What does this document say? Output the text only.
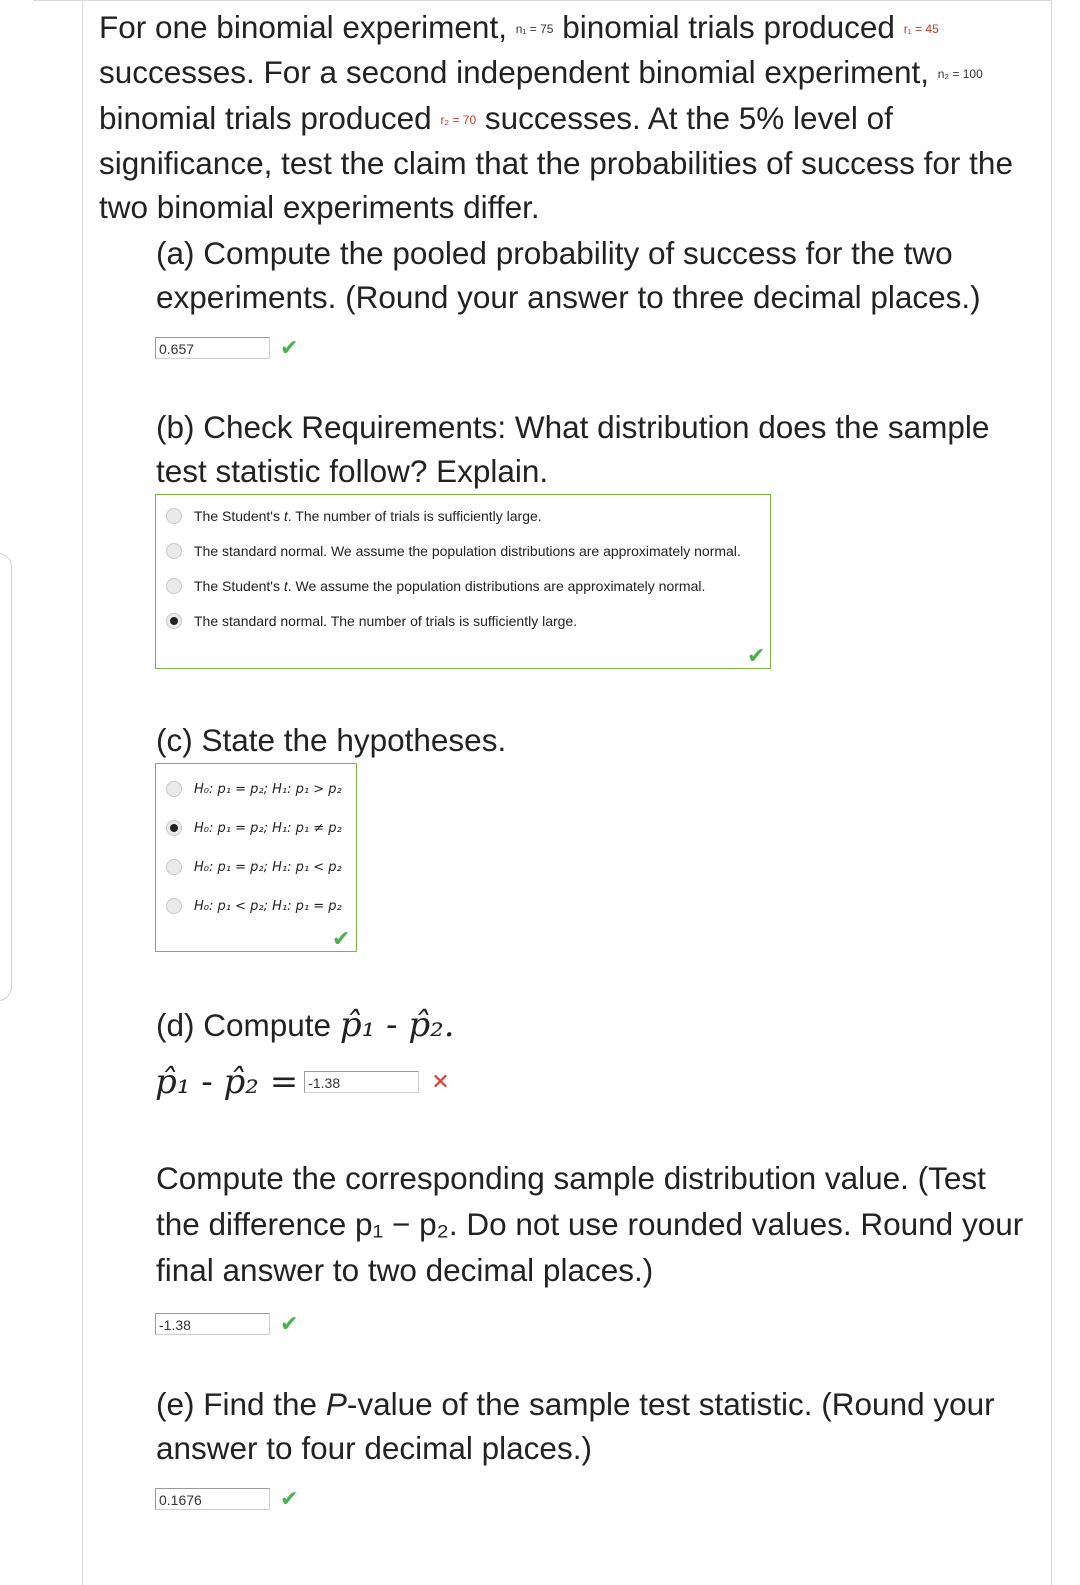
For one binomial experiment, n₁ = 75 binomial trials produced r₁ = 45 successes. For a second independent binomial experiment, n₂ = 100 binomial trials produced r₂ = 70 successes. At the 5% level of significance, test the claim that the probabilities of success for the two binomial experiments differ.
(a) Compute the pooled probability of success for the two experiments. (Round your answer to three decimal places.)
0.657	✔
(b) Check Requirements: What distribution does the sample test statistic follow? Explain.
The Student's t. The number of trials is sufficiently large.
The standard normal. We assume the population distributions are approximately normal.
The Student's t. We assume the population distributions are approximately normal.
The standard normal. The number of trials is sufficiently large.
✔
(c) State the hypotheses.
H₀: p₁ = p₂; H₁: p₁ > p₂
H₀: p₁ = p₂; H₁: p₁ ≠ p₂
H₀: p₁ = p₂; H₁: p₁ < p₂
H₀: p₁ < p₂; H₁: p₁ = p₂
✔
(d) Compute p̂₁ - p̂₂.
p̂₁ - p̂₂ = -1.38	✕
Compute the corresponding sample distribution value. (Test the difference p₁ − p₂. Do not use rounded values. Round your final answer to two decimal places.)
-1.38	✔
(e) Find the P-value of the sample test statistic. (Round your answer to four decimal places.)
0.1676	✔
